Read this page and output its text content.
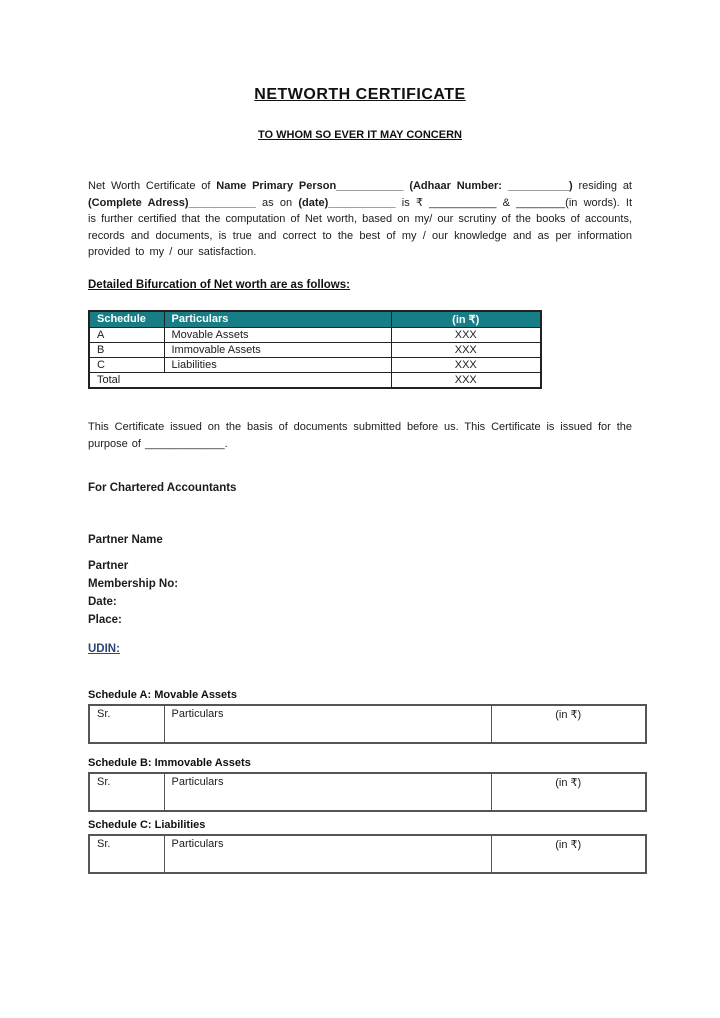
NETWORTH CERTIFICATE
TO WHOM SO EVER IT MAY CONCERN

Net Worth Certificate of Name Primary Person___________ (Adhaar Number: __________) residing at (Complete Adress)___________ as on (date)___________ is ₹ ___________ & ________(in words). It is further certified that the computation of Net worth, based on my/ our scrutiny of the books of accounts, records and documents, is true and correct to the best of my / our knowledge and as per information provided to my / our satisfaction.

Detailed Bifurcation of Net worth are as follows:
Schedule	Particulars	(in ₹)
A	Movable Assets	XXX
B	Immovable Assets	XXX
C	Liabilities	XXX
Total		XXX

This Certificate issued on the basis of documents submitted before us. This Certificate is issued for the purpose of _____________.

For Chartered Accountants
Partner Name
Partner
Membership No:
Date:
Place:
UDIN:
Schedule A: Movable Assets
Sr.	Particulars	(in ₹)
Schedule B: Immovable Assets
Sr.	Particulars	(in ₹)
Schedule C: Liabilities
Sr.	Particulars	(in ₹)
